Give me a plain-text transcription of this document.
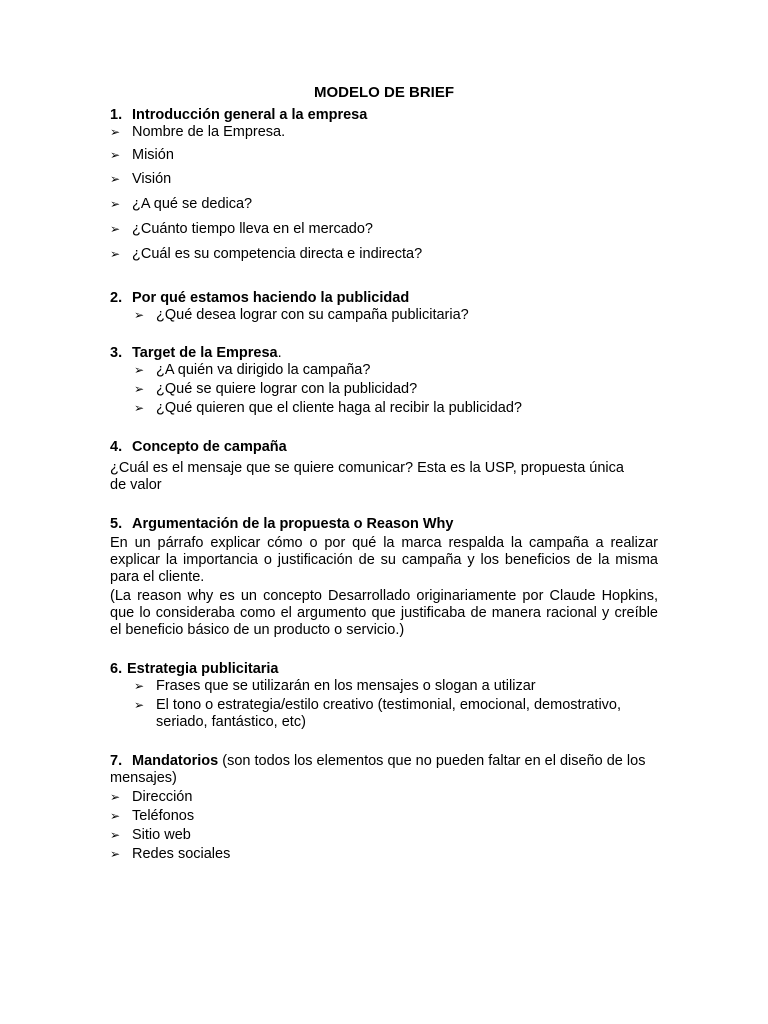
MODELO DE BRIEF
1. Introducción general a la empresa
➢ Nombre de la Empresa.
➢ Misión
➢ Visión
➢ ¿A qué se dedica?
➢ ¿Cuánto tiempo lleva en el mercado?
➢ ¿Cuál es su competencia directa e indirecta?
2. Por qué estamos haciendo la publicidad
➢ ¿Qué desea lograr con su campaña publicitaria?
3. Target de la Empresa .
➢ ¿A quién va dirigido la campaña?
➢ ¿Qué se quiere lograr con la publicidad?
➢ ¿Qué quieren que el cliente haga al recibir la publicidad?
4. Concepto de campaña

¿Cuál es el mensaje que se quiere comunicar? Esta es la USP, propuesta única de valor

5. Argumentación de la propuesta o Reason Why

En un párrafo explicar cómo o por qué la marca respalda la campaña a realizar explicar la importancia o justificación de su campaña y los beneficios de la misma para el cliente.

(La reason why es un concepto Desarrollado originariamente por Claude Hopkins, que lo consideraba como el argumento que justificaba de manera racional y creíble el beneficio básico de un producto o servicio.)

6. Estrategia publicitaria
➢ Frases que se utilizarán en los mensajes o slogan a utilizar
➢ El tono o estrategia/estilo creativo (testimonial, emocional, demostrativo, seriado, fantástico, etc)
7. Mandatorios (son todos los elementos que no pueden faltar en el diseño de los mensajes)
➢ Dirección
➢ Teléfonos
➢ Sitio web
➢ Redes sociales
